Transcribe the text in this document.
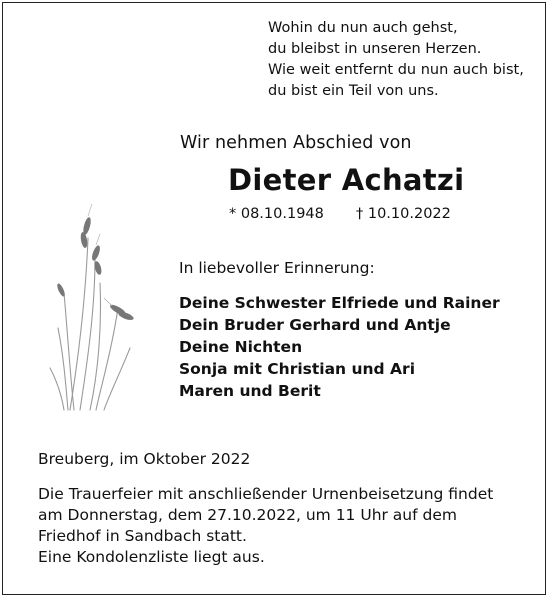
Wohin du nun auch gehst,
du bleibst in unseren Herzen.
Wie weit entfernt du nun auch bist,
du bist ein Teil von uns.
Wir nehmen Abschied von
Dieter Achatzi
* 08.10.1948 † 10.10.2022
In liebevoller Erinnerung:
Deine Schwester Elfriede und Rainer
Dein Bruder Gerhard und Antje
Deine Nichten
Sonja mit Christian und Ari
Maren und Berit
Breuberg, im Oktober 2022
Die Trauerfeier mit anschließender Urnenbeisetzung findet
am Donnerstag, dem 27.10.2022, um 11 Uhr auf dem
Friedhof in Sandbach statt.
Eine Kondolenzliste liegt aus.
